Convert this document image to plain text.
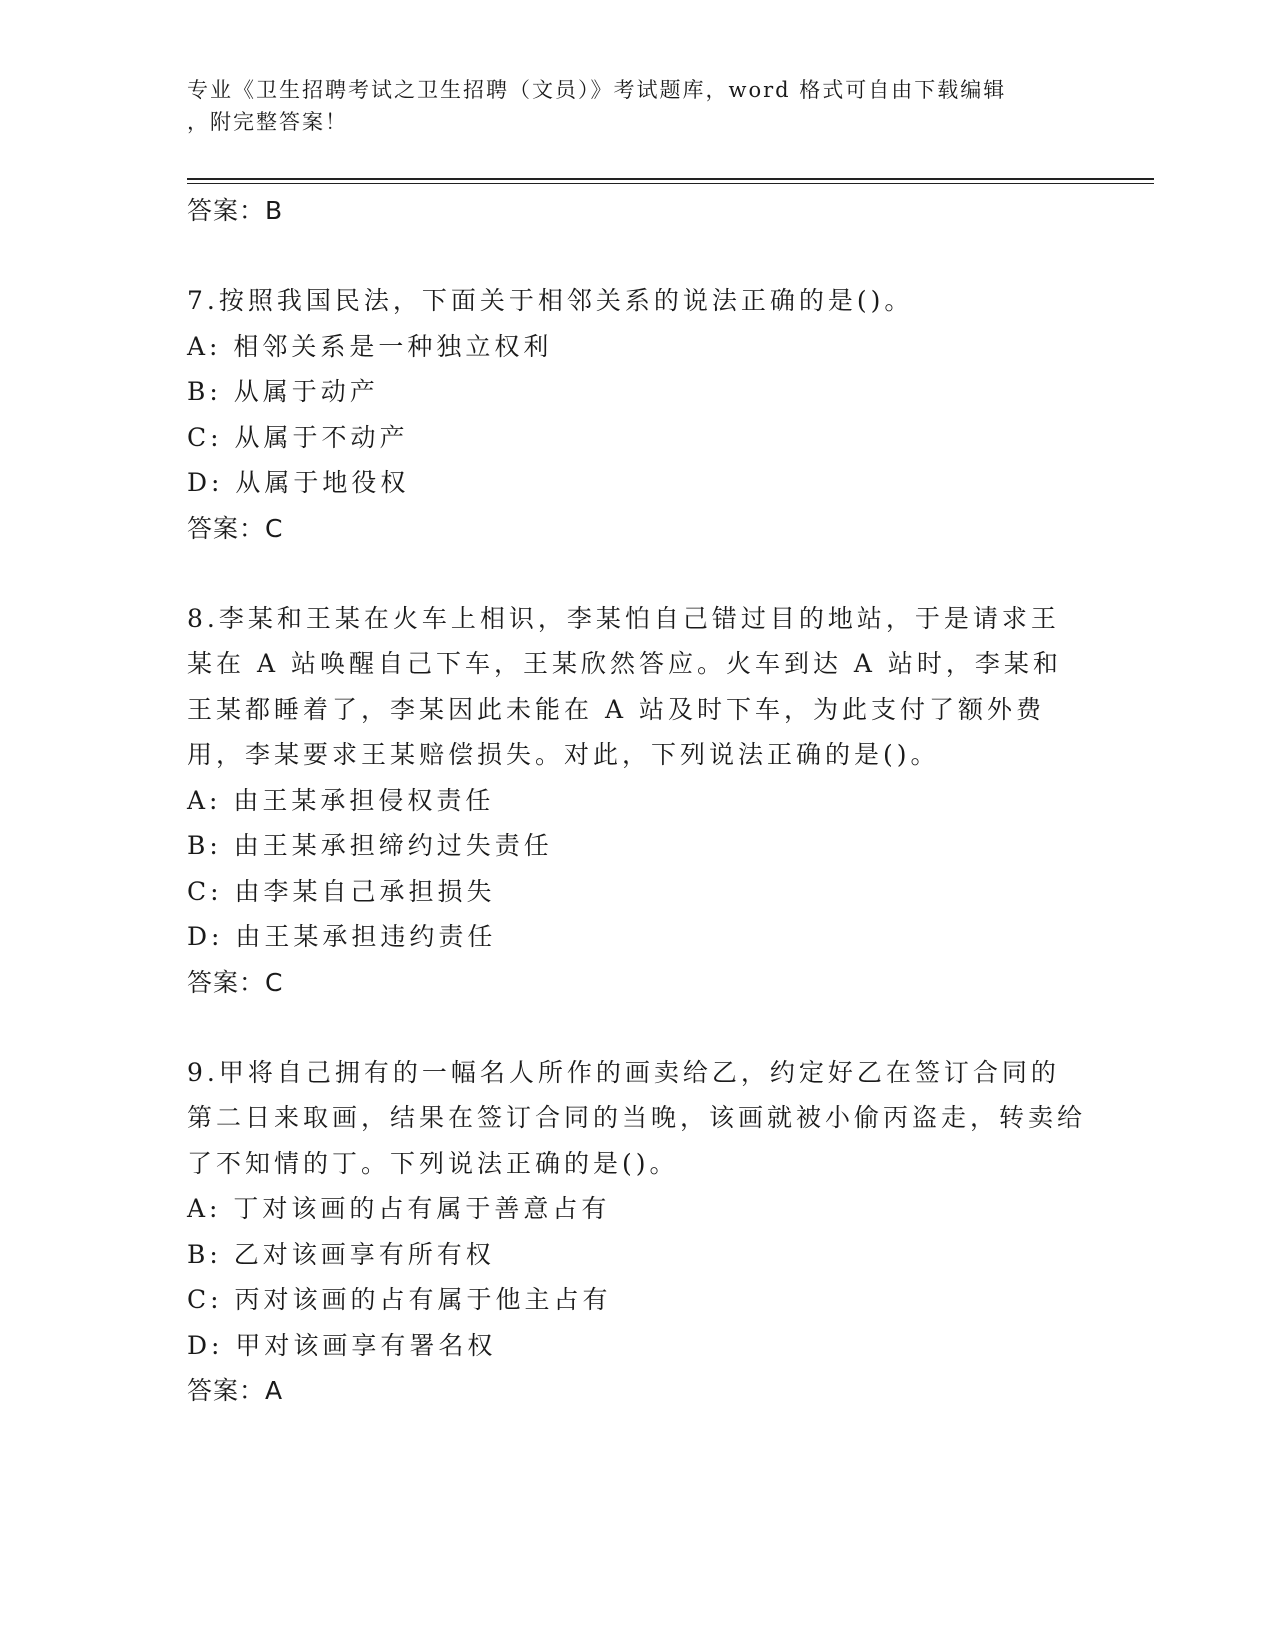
专业《卫生招聘考试之卫生招聘（文员）》考试题库，word 格式可自由下载编辑
，附完整答案！

答案：B

7.按照我国民法，下面关于相邻关系的说法正确的是()。

A: 相邻关系是一种独立权利

B: 从属于动产

C: 从属于不动产

D: 从属于地役权

答案：C

8.李某和王某在火车上相识，李某怕自己错过目的地站，于是请求王某在 A 站唤醒自己下车，王某欣然答应。火车到达 A 站时，李某和王某都睡着了，李某因此未能在 A 站及时下车，为此支付了额外费用，李某要求王某赔偿损失。对此，下列说法正确的是()。

A: 由王某承担侵权责任

B: 由王某承担缔约过失责任

C: 由李某自己承担损失

D: 由王某承担违约责任

答案：C

9.甲将自己拥有的一幅名人所作的画卖给乙，约定好乙在签订合同的第二日来取画，结果在签订合同的当晚，该画就被小偷丙盗走，转卖给了不知情的丁。下列说法正确的是()。

A: 丁对该画的占有属于善意占有

B: 乙对该画享有所有权

C: 丙对该画的占有属于他主占有

D: 甲对该画享有署名权

答案：A
